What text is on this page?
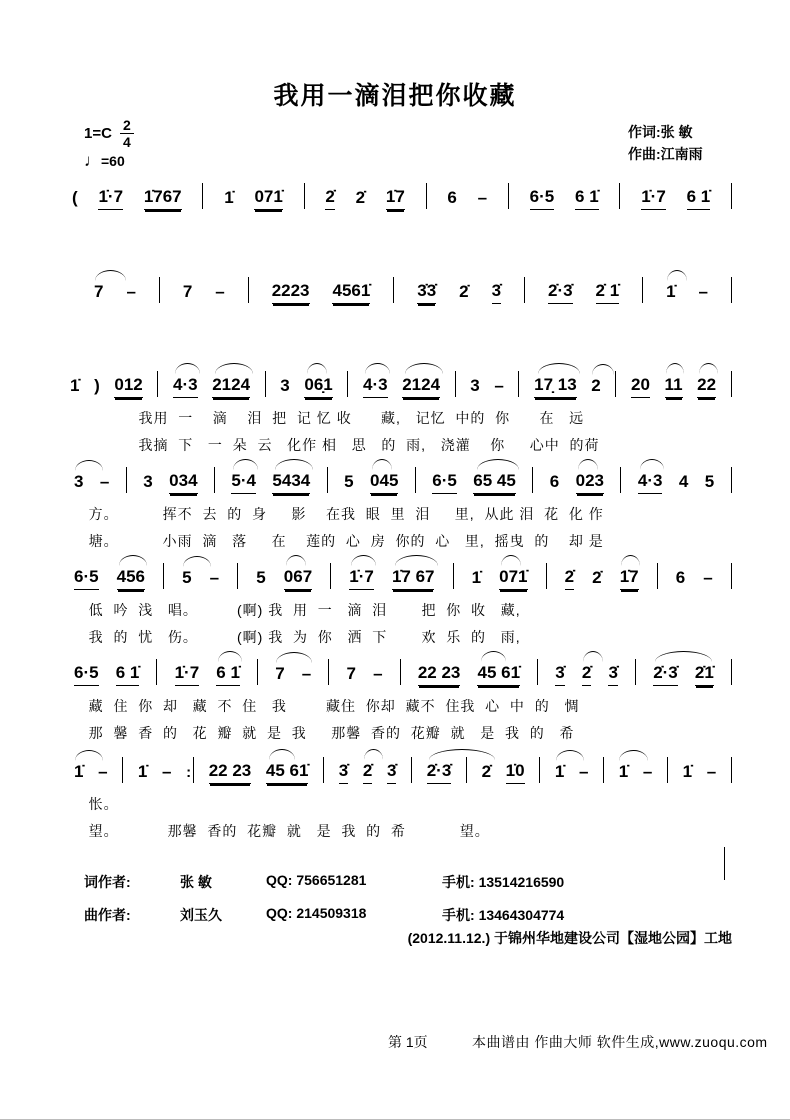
我用一滴泪把你收藏
$1=C \frac{2}{4}$
♩=60
作词:张 敏
作曲:江南雨
( 1̇·7 1̇767	1̇ 071̇	2̇ 2̇ 1̇7	6 –	6·5 6 1̇	1̇·7 6 1̇
7 –	7 –	2223 4561̇	3̇3̇ 2̇ 3̇	2̇·3̇ 2̇ 1̇	1̇ –
1̇ ) 012 4·3 2124 3 06̣1 4·3 2124 3 – 17̣ 13 2 20 11 22
我用  一    滴    泪  把  记 忆 收      藏,   记忆  中的  你      在   远
我摘  下   一  朵  云   化作 相   思   的  雨,   浇灌    你     心中  的荷
3 – 3 034 5·4 5434 5 045 6·5 65 45 6 023 4·3 4 5
方。         挥不  去  的  身     影    在我  眼  里  泪     里,  从此 泪  花  化 作
塘。         小雨  滴   落     在    莲的  心  房  你的  心   里,  摇曳  的    却 是
6·5 456 5 – 5 067 1̇·7 1̇7 67 1̇ 071̇ 2̇ 2̇ 1̇7 6 –
低  吟  浅   唱。        (啊) 我  用  一   滴  泪       把  你  收   藏,
我  的  忧   伤。        (啊) 我  为  你   洒  下       欢  乐  的   雨,
6·5 6 1̇ 1̇·7 6 1̇ 7 – 7 – 22 23 45 61̇ 3̇ 2̇ 3̇ 2̇·3̇ 2̇1̇
藏  住  你  却   藏  不  住   我        藏住  你却  藏不  住我  心  中  的   惆
那  馨  香  的   花  瓣  就  是  我     那馨  香的  花瓣  就   是  我  的   希
1̇ – 1̇ – : 22 23 45 61̇ 3̇ 2̇ 3̇ 2̇·3̇ 2̇ 1̇0 1̇ – 1̇ – 1̇ –
怅。
望。          那馨  香的  花瓣  就   是  我  的  希           望。
词作者:	张 敏	QQ: 756651281	手机: 13514216590
曲作者:	刘玉久	QQ: 214509318	手机: 13464304774
(2012.11.12.) 于锦州华地建设公司【湿地公园】工地
第 1页	本曲谱由 作曲大师 软件生成,www.zuoqu.com
